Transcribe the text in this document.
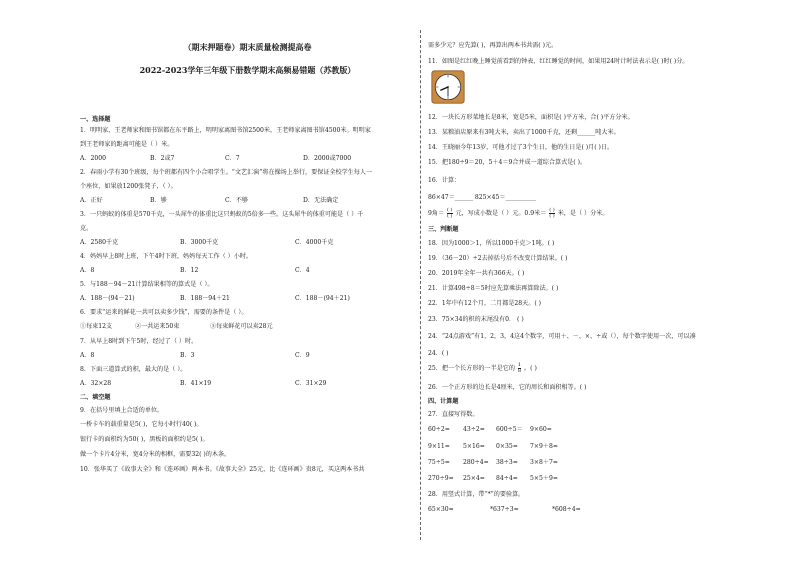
（期末押题卷）期末质量检测提高卷
2022-2023学年三年级下册数学期末高频易错题（苏教版）
一、选择题
1．明明家、王老师家和图书馆都在东平路上，明明家离图书馆2500米，王老师家离图书馆4500米。明明家
到王老师家的距离可能是（ ）米。
A．2000	B．2或7	C．7	D．2000或7000
2．春雨小学有30个班级，每个班都有四个小合唱学生。“文艺汇演”将在操场上举行，要保证全校学生每人一
个座位，如果放1200张凳子，（ ）。
A．正好	B．够	C．不够	D．无法确定
3．一只蚂蚁的体重是570千克，一头犀牛的体重比这只蚂蚁的5倍多一些。这头犀牛的体重可能是（ ）千
克。
A．2580千克	B．3000千克	C．4000千克
4．妈妈早上8时上班，下午4时下班，妈妈每天工作（ ）小时。
A．8	B．12	C．4
5．与188－94－21计算结果相等的算式是（ ）。
A．188－(94－21)	B．188－94＋21	C．188－(94＋21)
6．要求“运来的鲜花一共可以卖多少钱”，需要的条件是（ ）。
①每束12支	②一共运来50束	③每束鲜花可以卖28元
7．从早上8时到下午5时，经过了（ ）时。
A．8	B．3	C．9
8．下面三道算式的积，最大的是（ ）。
A．32×28	B．41×19	C．31×29
二、填空题
9．在括号里填上合适的单位。
一桥卡车的载重量是5( )，它每小时行40( )。
银行卡的面积约为50( )，黑板的面积约是5( )。
做一个卡片4分米，宽4分米的相框，需要32( )的木条。
10．张华买了《故事大全》和《连环画》两本书。《故事大全》25元，比《连环画》贵8元，买这两本书共
需多少元？应先算( )，再算出两本书共需( )元。
11．如图是红红晚上睡觉前看到的钟表，红红睡觉的时间，如果用24时计时法表示是( )时( )分。
12．一块长方形菜地长是8米，宽是5米，面积是( )平方米，合( )平方分米。
13．某粮油店原来有3吨大米，卖出了1000千克，还剩______吨大米。
14．王晓丽今年13岁，可他才过了3个生日，他的生日是( )月( )日。
15．把180÷9＝20，5＋4＝9合并成一道综合算式是( )。
16．计算：
86×47＝______ 825×45＝__________
9角＝ $\frac{( )}{( )}$ 元，写成小数是（ ）元。0.9米＝ $\frac{( )}{( )}$ 米，是（ ）分米。
三、判断题
18．因为1000＞1，所以1000千克＞1吨。( )
19．（36－20）÷2去掉括号后不改变计算结果。( )
20．2019年全年一共有366天。( )
21．计算498÷8＝5时应先算乘法再算除法。( )
22．1年中有12个月，二月都是28天。( )
23．75×34的积的末尾没有0． ( )
24．“24点游戏”有1，2，3，4这4个数字，可用＋、－、×、÷或（），每个数字使用一次，可以凑
24．( )
25．把一个长方形的一半是它的 $\frac{1}{8}$ 。( )
26．一个正方形的边长是4厘米，它的周长和面积相等。( )
四、计算题
27．直接写得数。
60÷2= 43÷2= 600÷5＝ 9×60=
9×11= 5×16= 0×35= 7×9＋8=
75÷5= 280÷4= 38÷3= 3×8＋7=
270÷9= 25×4= 84÷4= 5×5＋9=
28．用竖式计算，带“*”的要验算。
65×30=	*637÷3=	*608÷4=
